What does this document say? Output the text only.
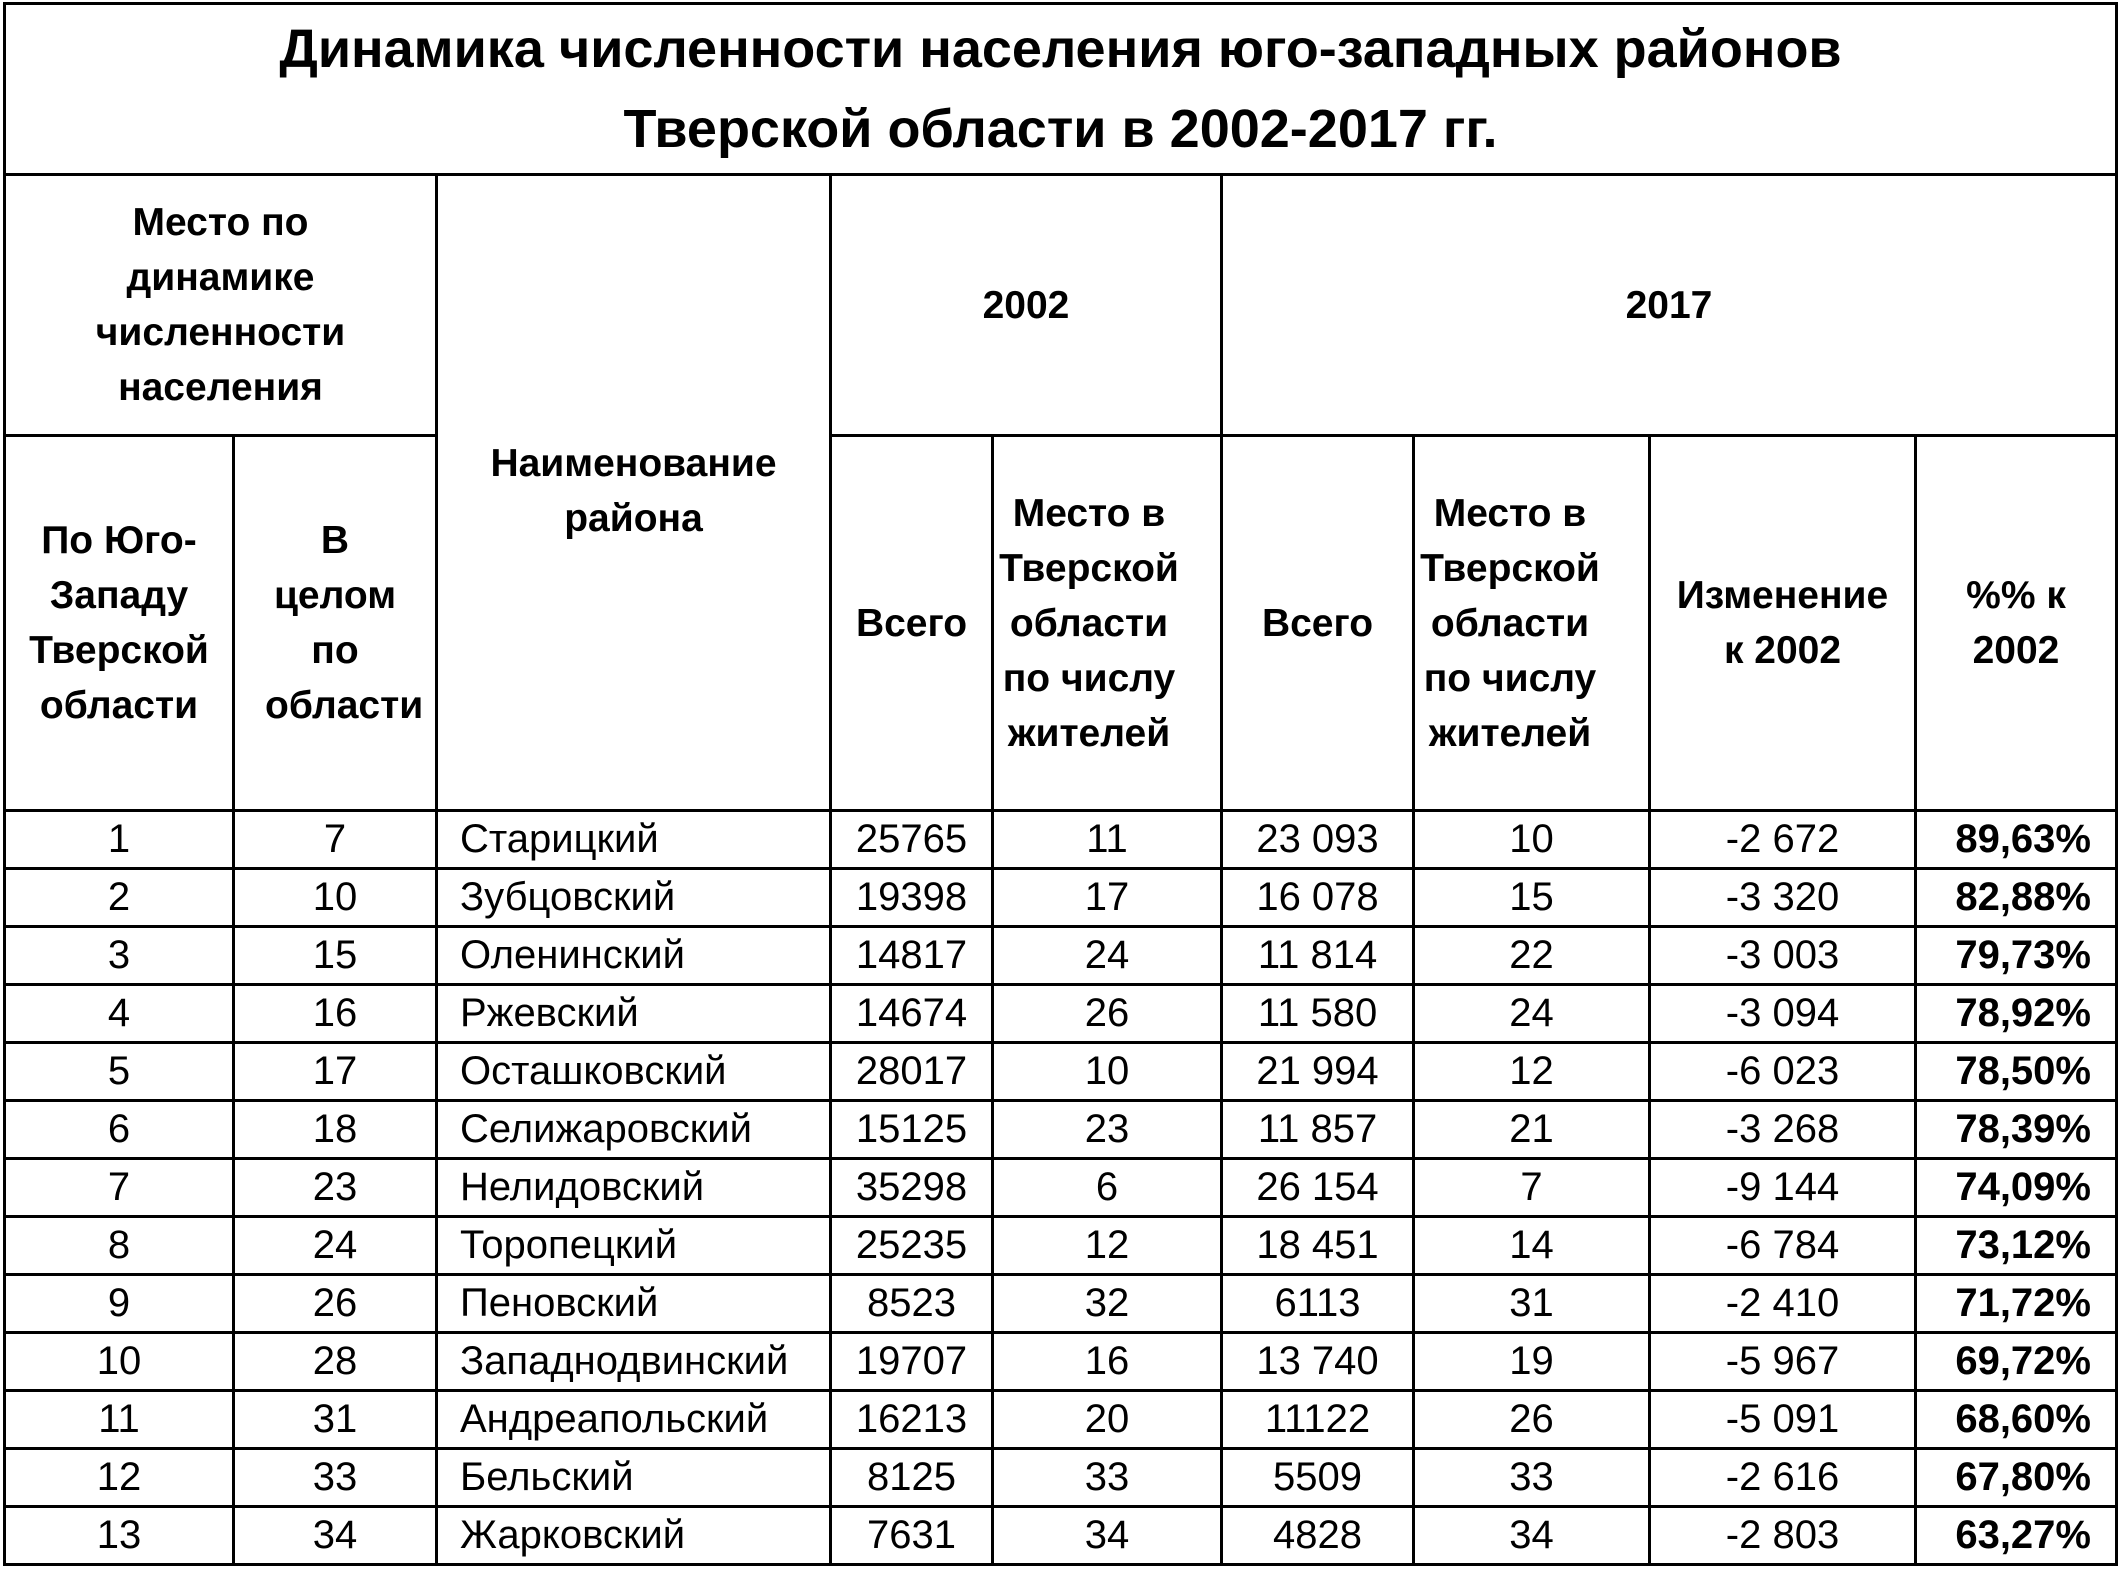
Динамика численности населения юго-западных районов
Тверской области в 2002-2017 гг.								

Место по динамике численности населения		Наименование района	2002		2017			

По Юго-Западу Тверской области	В целом по области		Всего	Место в Тверской области по числу жителей	Всего	Место в Тверской области по числу жителей	Изменение к 2002	%% к 2002

1	7	Старицкий	25765	11	23 093	10	-2 672	89,63%
2	10	Зубцовский	19398	17	16 078	15	-3 320	82,88%
3	15	Оленинский	14817	24	11 814	22	-3 003	79,73%
4	16	Ржевский	14674	26	11 580	24	-3 094	78,92%
5	17	Осташковский	28017	10	21 994	12	-6 023	78,50%
6	18	Селижаровский	15125	23	11 857	21	-3 268	78,39%
7	23	Нелидовский	35298	6	26 154	7	-9 144	74,09%
8	24	Торопецкий	25235	12	18 451	14	-6 784	73,12%
9	26	Пеновский	8523	32	6113	31	-2 410	71,72%
10	28	Западнодвинский	19707	16	13 740	19	-5 967	69,72%
11	31	Андреапольский	16213	20	11122	26	-5 091	68,60%
12	33	Бельский	8125	33	5509	33	-2 616	67,80%
13	34	Жарковский	7631	34	4828	34	-2 803	63,27%
